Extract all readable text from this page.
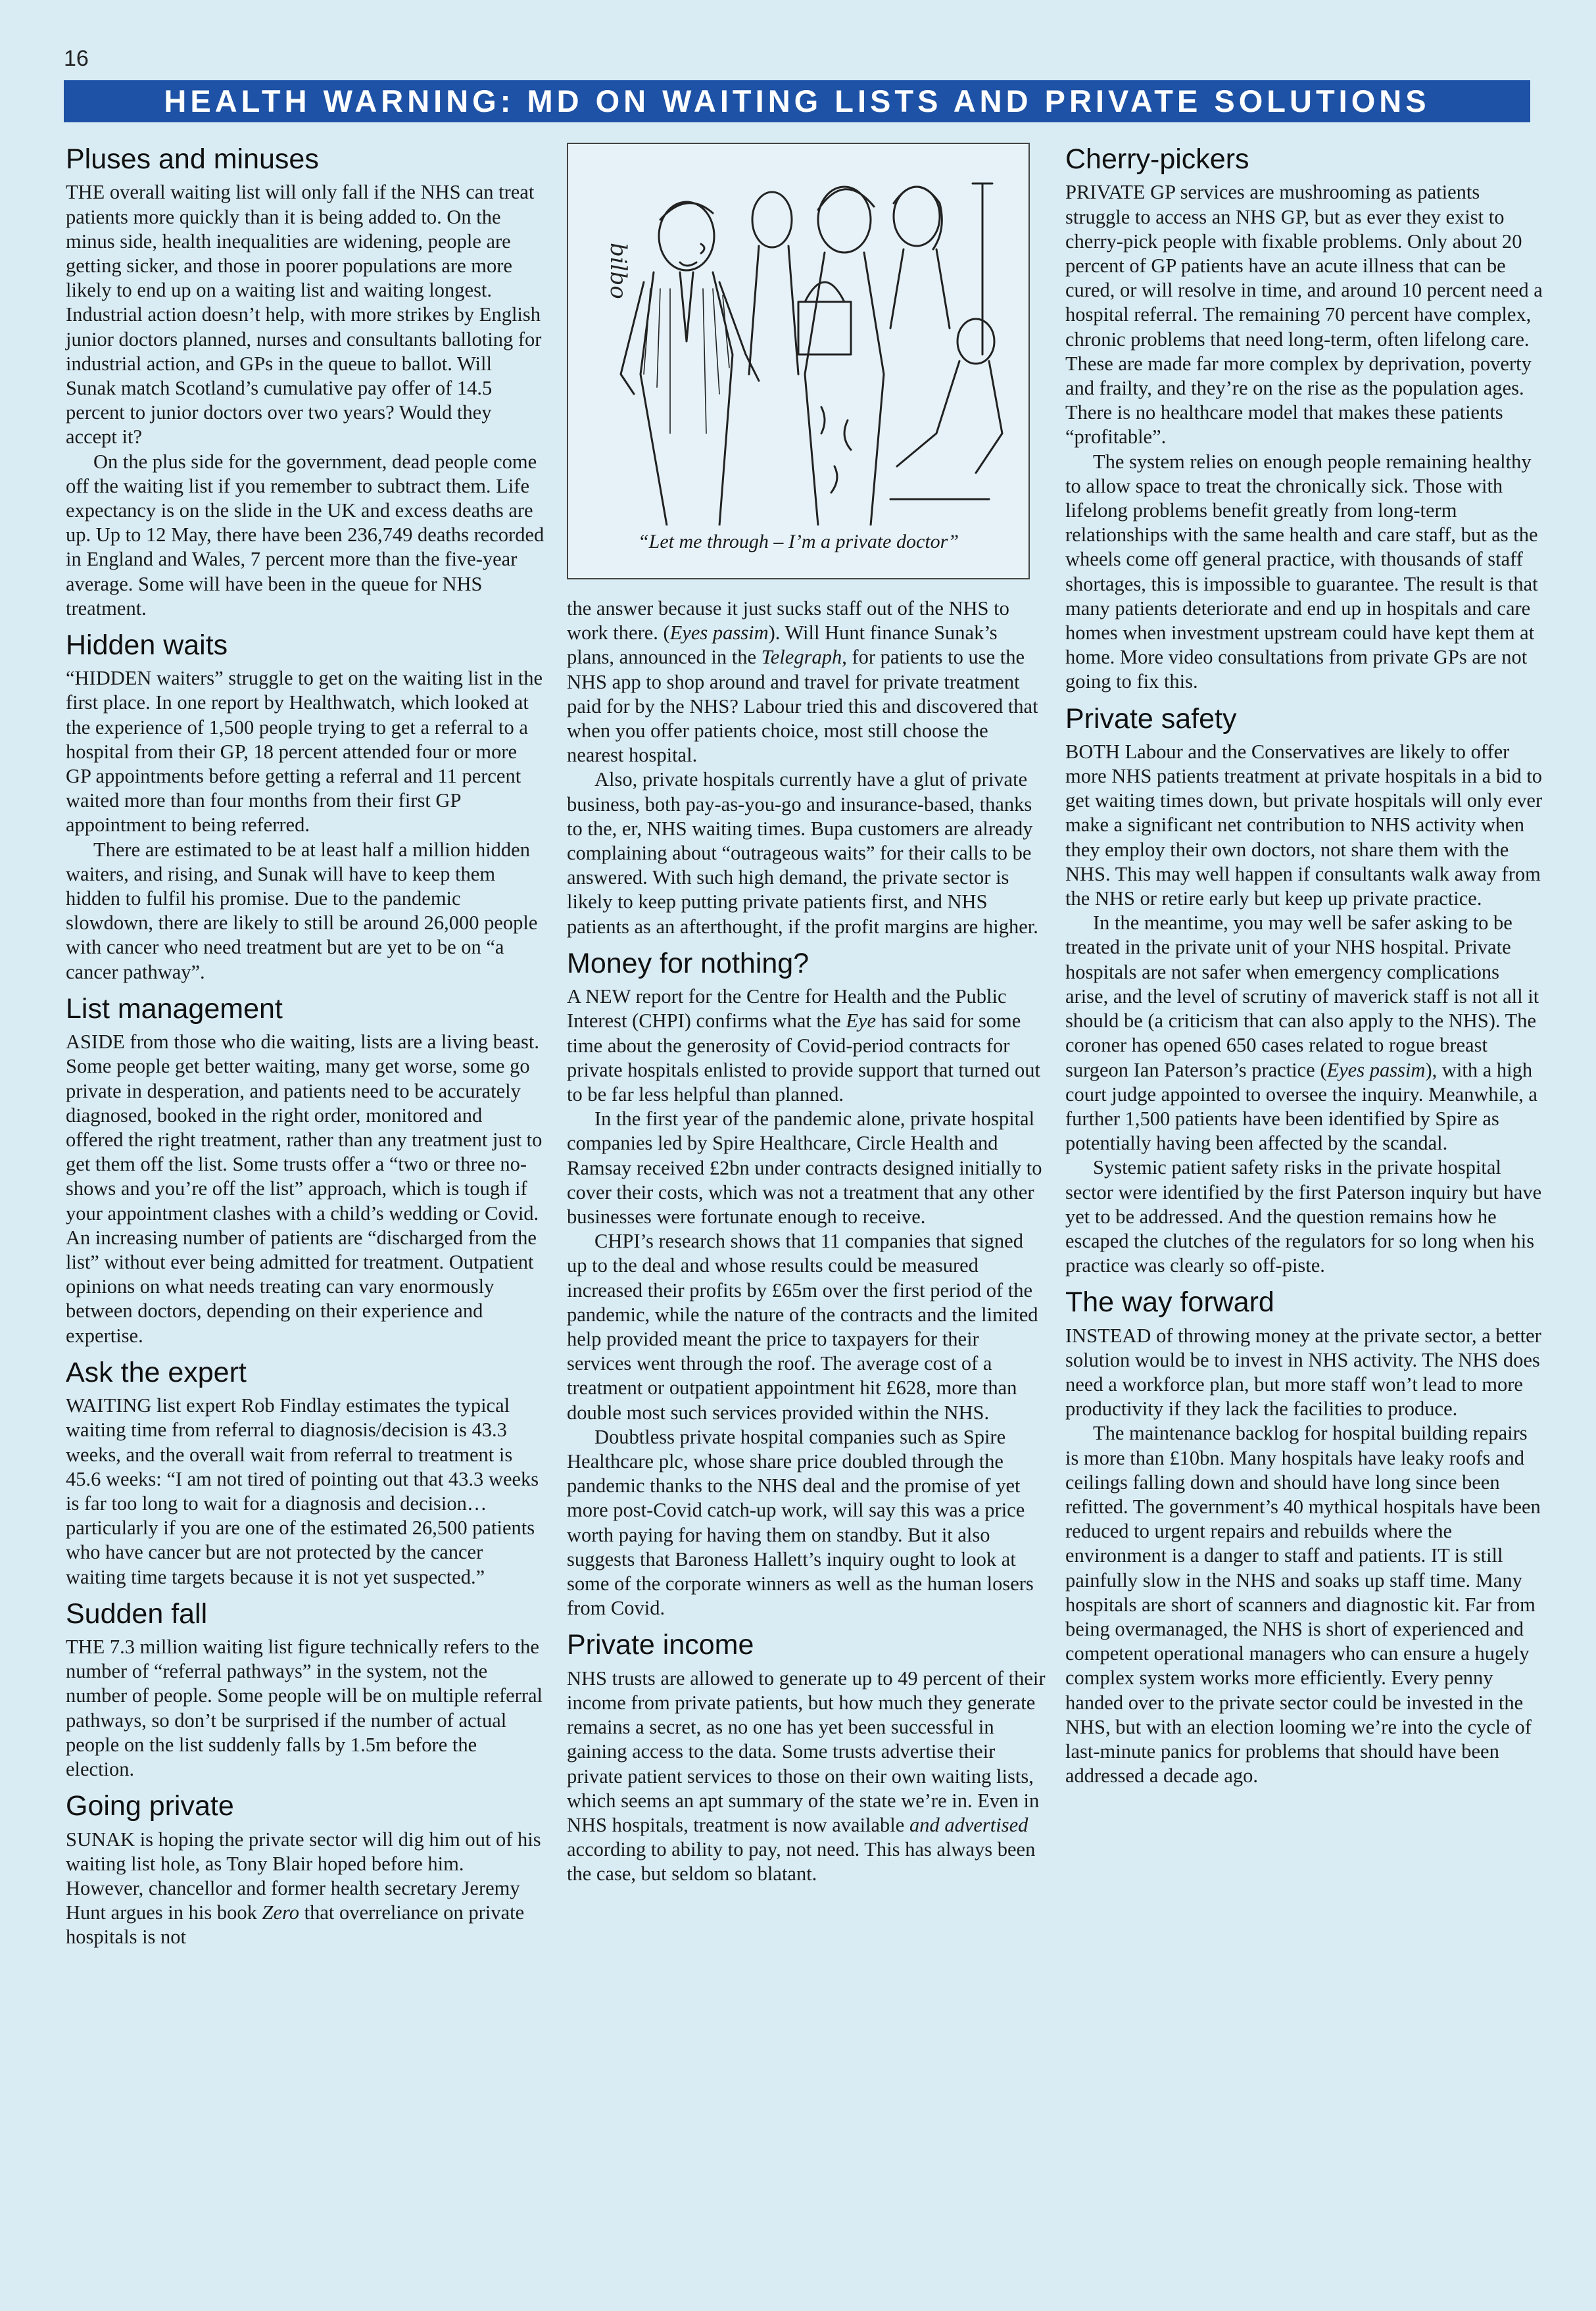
16
HEALTH WARNING: MD ON WAITING LISTS AND PRIVATE SOLUTIONS
Pluses and minuses

THE overall waiting list will only fall if the NHS can treat patients more quickly than it is being added to. On the minus side, health inequalities are widening, people are getting sicker, and those in poorer populations are more likely to end up on a waiting list and waiting longest. Industrial action doesn’t help, with more strikes by English junior doctors planned, nurses and consultants balloting for industrial action, and GPs in the queue to ballot. Will Sunak match Scotland’s cumulative pay offer of 14.5 percent to junior doctors over two years? Would they accept it?

On the plus side for the government, dead people come off the waiting list if you remember to subtract them. Life expectancy is on the slide in the UK and excess deaths are up. Up to 12 May, there have been 236,749 deaths recorded in England and Wales, 7 percent more than the five-year average. Some will have been in the queue for NHS treatment.

Hidden waits

“HIDDEN waiters” struggle to get on the waiting list in the first place. In one report by Healthwatch, which looked at the experience of 1,500 people trying to get a referral to a hospital from their GP, 18 percent attended four or more GP appointments before getting a referral and 11 percent waited more than four months from their first GP appointment to being referred.

There are estimated to be at least half a million hidden waiters, and rising, and Sunak will have to keep them hidden to fulfil his promise. Due to the pandemic slowdown, there are likely to still be around 26,000 people with cancer who need treatment but are yet to be on “a cancer pathway”.

List management

ASIDE from those who die waiting, lists are a living beast. Some people get better waiting, many get worse, some go private in desperation, and patients need to be accurately diagnosed, booked in the right order, monitored and offered the right treatment, rather than any treatment just to get them off the list. Some trusts offer a “two or three no-shows and you’re off the list” approach, which is tough if your appointment clashes with a child’s wedding or Covid. An increasing number of patients are “discharged from the list” without ever being admitted for treatment. Outpatient opinions on what needs treating can vary enormously between doctors, depending on their experience and expertise.

Ask the expert

WAITING list expert Rob Findlay estimates the typical waiting time from referral to diagnosis/decision is 43.3 weeks, and the overall wait from referral to treatment is 45.6 weeks: “I am not tired of pointing out that 43.3 weeks is far too long to wait for a diagnosis and decision… particularly if you are one of the estimated 26,500 patients who have cancer but are not protected by the cancer waiting time targets because it is not yet suspected.”

Sudden fall

THE 7.3 million waiting list figure technically refers to the number of “referral pathways” in the system, not the number of people. Some people will be on multiple referral pathways, so don’t be surprised if the number of actual people on the list suddenly falls by 1.5m before the election.

Going private

SUNAK is hoping the private sector will dig him out of his waiting list hole, as Tony Blair hoped before him. However, chancellor and former health secretary Jeremy Hunt argues in his book Zero that overreliance on private hospitals is not

bilbo
“Let me through – I’m a private doctor”

the answer because it just sucks staff out of the NHS to work there. (Eyes passim). Will Hunt finance Sunak’s plans, announced in the Telegraph, for patients to use the NHS app to shop around and travel for private treatment paid for by the NHS? Labour tried this and discovered that when you offer patients choice, most still choose the nearest hospital.

Also, private hospitals currently have a glut of private business, both pay-as-you-go and insurance-based, thanks to the, er, NHS waiting times. Bupa customers are already complaining about “outrageous waits” for their calls to be answered. With such high demand, the private sector is likely to keep putting private patients first, and NHS patients as an afterthought, if the profit margins are higher.

Money for nothing?

A NEW report for the Centre for Health and the Public Interest (CHPI) confirms what the Eye has said for some time about the generosity of Covid-period contracts for private hospitals enlisted to provide support that turned out to be far less helpful than planned.

In the first year of the pandemic alone, private hospital companies led by Spire Healthcare, Circle Health and Ramsay received £2bn under contracts designed initially to cover their costs, which was not a treatment that any other businesses were fortunate enough to receive.

CHPI’s research shows that 11 companies that signed up to the deal and whose results could be measured increased their profits by £65m over the first period of the pandemic, while the nature of the contracts and the limited help provided meant the price to taxpayers for their services went through the roof. The average cost of a treatment or outpatient appointment hit £628, more than double most such services provided within the NHS.

Doubtless private hospital companies such as Spire Healthcare plc, whose share price doubled through the pandemic thanks to the NHS deal and the promise of yet more post-Covid catch-up work, will say this was a price worth paying for having them on standby. But it also suggests that Baroness Hallett’s inquiry ought to look at some of the corporate winners as well as the human losers from Covid.

Private income

NHS trusts are allowed to generate up to 49 percent of their income from private patients, but how much they generate remains a secret, as no one has yet been successful in gaining access to the data. Some trusts advertise their private patient services to those on their own waiting lists, which seems an apt summary of the state we’re in. Even in NHS hospitals, treatment is now available and advertised according to ability to pay, not need. This has always been the case, but seldom so blatant.

Cherry-pickers

PRIVATE GP services are mushrooming as patients struggle to access an NHS GP, but as ever they exist to cherry-pick people with fixable problems. Only about 20 percent of GP patients have an acute illness that can be cured, or will resolve in time, and around 10 percent need a hospital referral. The remaining 70 percent have complex, chronic problems that need long-term, often lifelong care. These are made far more complex by deprivation, poverty and frailty, and they’re on the rise as the population ages. There is no healthcare model that makes these patients “profitable”.

The system relies on enough people remaining healthy to allow space to treat the chronically sick. Those with lifelong problems benefit greatly from long-term relationships with the same health and care staff, but as the wheels come off general practice, with thousands of staff shortages, this is impossible to guarantee. The result is that many patients deteriorate and end up in hospitals and care homes when investment upstream could have kept them at home. More video consultations from private GPs are not going to fix this.

Private safety

BOTH Labour and the Conservatives are likely to offer more NHS patients treatment at private hospitals in a bid to get waiting times down, but private hospitals will only ever make a significant net contribution to NHS activity when they employ their own doctors, not share them with the NHS. This may well happen if consultants walk away from the NHS or retire early but keep up private practice.

In the meantime, you may well be safer asking to be treated in the private unit of your NHS hospital. Private hospitals are not safer when emergency complications arise, and the level of scrutiny of maverick staff is not all it should be (a criticism that can also apply to the NHS). The coroner has opened 650 cases related to rogue breast surgeon Ian Paterson’s practice (Eyes passim), with a high court judge appointed to oversee the inquiry. Meanwhile, a further 1,500 patients have been identified by Spire as potentially having been affected by the scandal.

Systemic patient safety risks in the private hospital sector were identified by the first Paterson inquiry but have yet to be addressed. And the question remains how he escaped the clutches of the regulators for so long when his practice was clearly so off-piste.

The way forward

INSTEAD of throwing money at the private sector, a better solution would be to invest in NHS activity. The NHS does need a workforce plan, but more staff won’t lead to more productivity if they lack the facilities to produce.

The maintenance backlog for hospital building repairs is more than £10bn. Many hospitals have leaky roofs and ceilings falling down and should have long since been refitted. The government’s 40 mythical hospitals have been reduced to urgent repairs and rebuilds where the environment is a danger to staff and patients. IT is still painfully slow in the NHS and soaks up staff time. Many hospitals are short of scanners and diagnostic kit. Far from being overmanaged, the NHS is short of experienced and competent operational managers who can ensure a hugely complex system works more efficiently. Every penny handed over to the private sector could be invested in the NHS, but with an election looming we’re into the cycle of last-minute panics for problems that should have been addressed a decade ago.
